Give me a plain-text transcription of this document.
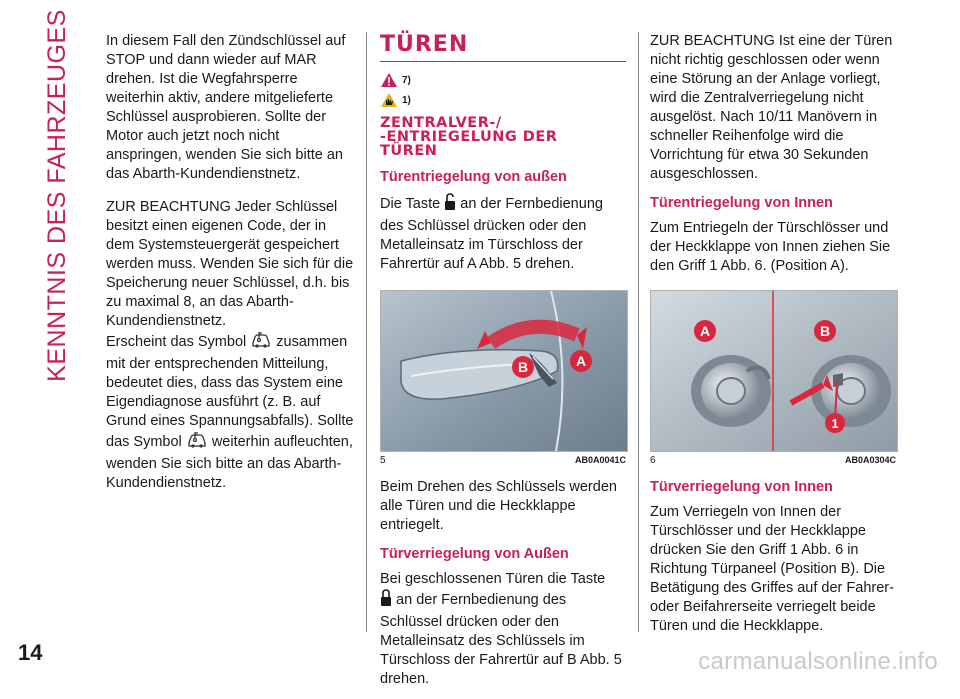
KENNTNIS DES FAHRZEUGES
14	carmanualsonline.info

In diesem Fall den Zündschlüssel auf STOP und dann wieder auf MAR drehen. Ist die Wegfahrsperre weiterhin aktiv, andere mitgelieferte Schlüssel ausprobieren. Sollte der Motor auch jetzt noch nicht anspringen, wenden Sie sich bitte an das Abarth-Kundendienstnetz.

ZUR BEACHTUNG Jeder Schlüssel besitzt einen eigenen Code, der in dem Systemsteuergerät gespeichert werden muss. Wenden Sie sich für die Speicherung neuer Schlüssel, d.h. bis zu maximal 8, an das Abarth-Kundendienstnetz.

Erscheint das Symbol zusammen mit der entsprechenden Mitteilung, bedeutet dies, dass das System eine Eigendiagnose ausführt (z. B. auf Grund eines Spannungsabfalls). Sollte das Symbol weiterhin aufleuchten, wenden Sie sich bitte an das Abarth-Kundendienstnetz.

TÜREN
7)
1)
ZENTRALVER-/
-ENTRIEGELUNG DER
TÜREN
Türentriegelung von außen

Die Taste an der Fernbedienung des Schlüssel drücken oder den Metalleinsatz im Türschloss der Fahrertür auf A Abb. 5 drehen.

B	A
5	AB0A0041C

Beim Drehen des Schlüssels werden alle Türen und die Heckklappe entriegelt.

Türverriegelung von Außen

Bei geschlossenen Türen die Taste
an der Fernbedienung des Schlüssel drücken oder den Metalleinsatz des Schlüssels im Türschloss der Fahrertür auf B Abb. 5 drehen.

ZUR BEACHTUNG Ist eine der Türen nicht richtig geschlossen oder wenn eine Störung an der Anlage vorliegt, wird die Zentralverriegelung nicht ausgelöst. Nach 10/11 Manövern in schneller Reihenfolge wird die Vorrichtung für etwa 30 Sekunden ausgeschlossen.

Türentriegelung von Innen

Zum Entriegeln der Türschlösser und der Heckklappe von Innen ziehen Sie den Griff 1 Abb. 6. (Position A).

A	B
1
6	AB0A0304C
Türverriegelung von Innen

Zum Verriegeln von Innen der Türschlösser und der Heckklappe drücken Sie den Griff 1 Abb. 6 in Richtung Türpaneel (Position B). Die Betätigung des Griffes auf der Fahrer- oder Beifahrerseite verriegelt beide Türen und die Heckklappe.
